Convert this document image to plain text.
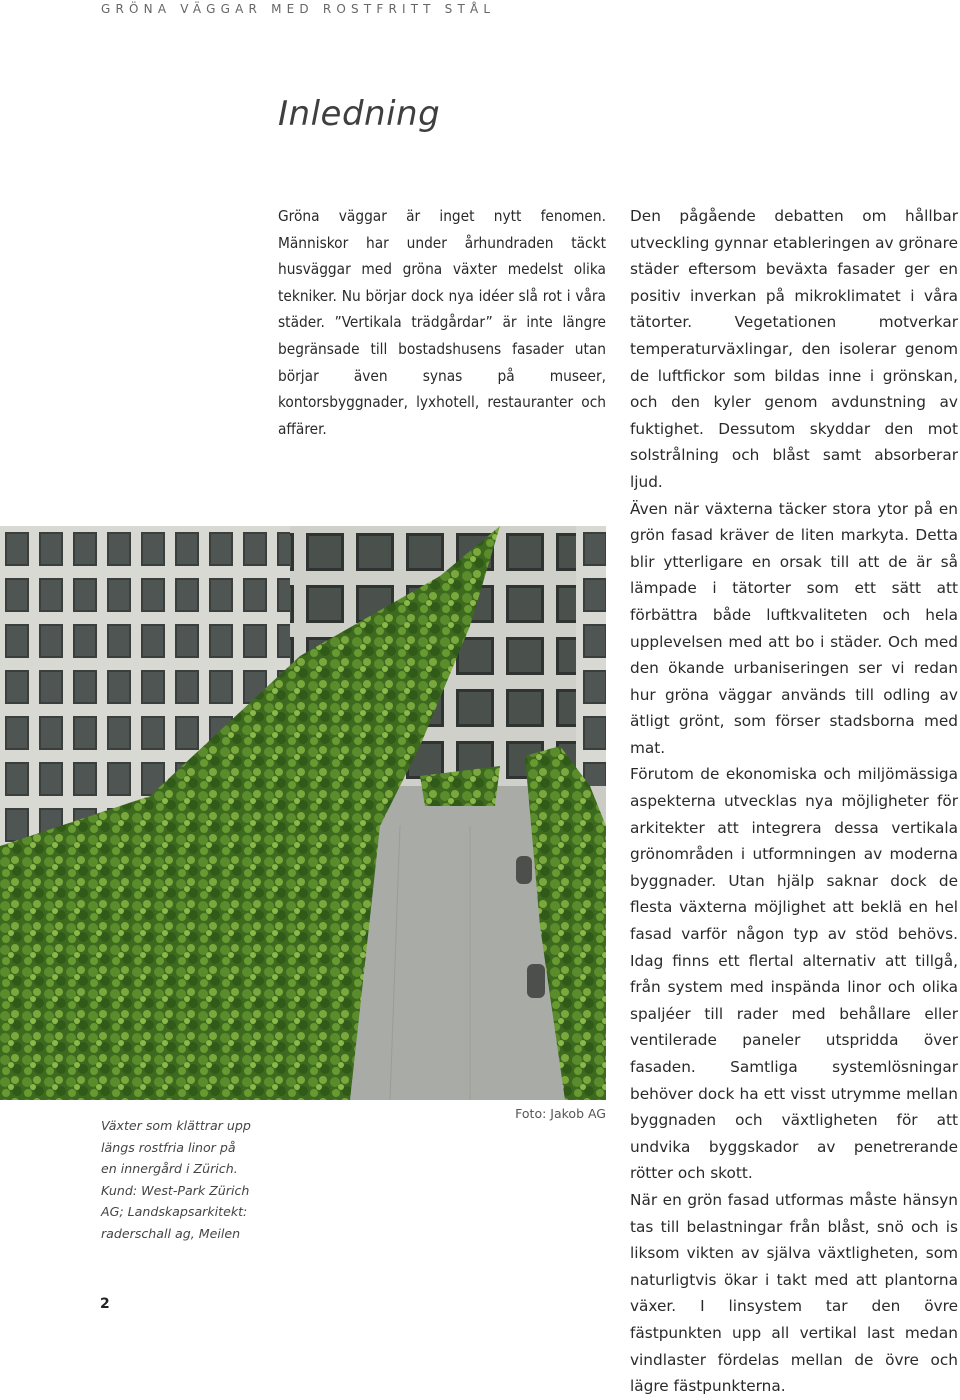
GRÖNA VÄGGAR MED ROSTFRITT STÅL
Inledning

Gröna väggar är inget nytt fenomen. Människor har under århundraden täckt husväggar med gröna växter medelst olika tekniker. Nu börjar dock nya idéer slå rot i våra städer. ”Vertikala trädgårdar” är inte längre begränsade till bostadshusens fasader utan börjar även synas på museer, kontorsbyggnader, lyxhotell, restauranter och affärer.

Den pågående debatten om hållbar utveckling gynnar etableringen av grönare städer eftersom beväxta fasader ger en positiv inverkan på mikroklimatet i våra tätorter. Vegetationen motverkar temperaturväxlingar, den isolerar genom de luftfickor som bildas inne i grönskan, och den kyler genom avdunstning av fuktighet. Dessutom skyddar den mot solstrålning och blåst samt absorberar ljud.

Även när växterna täcker stora ytor på en grön fasad kräver de liten markyta. Detta blir ytterligare en orsak till att de är så lämpade i tätorter som ett sätt att förbättra både luftkvaliteten och hela upplevelsen med att bo i städer. Och med den ökande urbaniseringen ser vi redan hur gröna väggar används till odling av ätligt grönt, som förser stadsborna med mat.

Förutom de ekonomiska och miljömässiga aspekterna utvecklas nya möjligheter för arkitekter att integrera dessa vertikala grönområden i utformningen av moderna byggnader. Utan hjälp saknar dock de flesta växterna möjlighet att beklä en hel fasad varför någon typ av stöd behövs. Idag finns ett flertal alternativ att tillgå, från system med inspända linor och olika spaljéer till rader med behållare eller ventilerade paneler utspridda över fasaden. Samtliga systemlösningar behöver dock ha ett visst utrymme mellan byggnaden och växtligheten för att undvika byggskador av penetrerande rötter och skott.

När en grön fasad utformas måste hänsyn tas till belastningar från blåst, snö och is liksom vikten av själva växtligheten, som naturligtvis ökar i takt med att plantorna växer. I linsystem tar den övre fästpunkten upp all vertikal last medan vindlaster fördelas mellan de övre och lägre fästpunkterna.

Foto: Jakob AG
Växter som klättrar upp
längs rostfria linor på
en innergård i Zürich.
Kund: West-Park Zürich
AG; Landskapsarkitekt:
raderschall ag, Meilen
2
